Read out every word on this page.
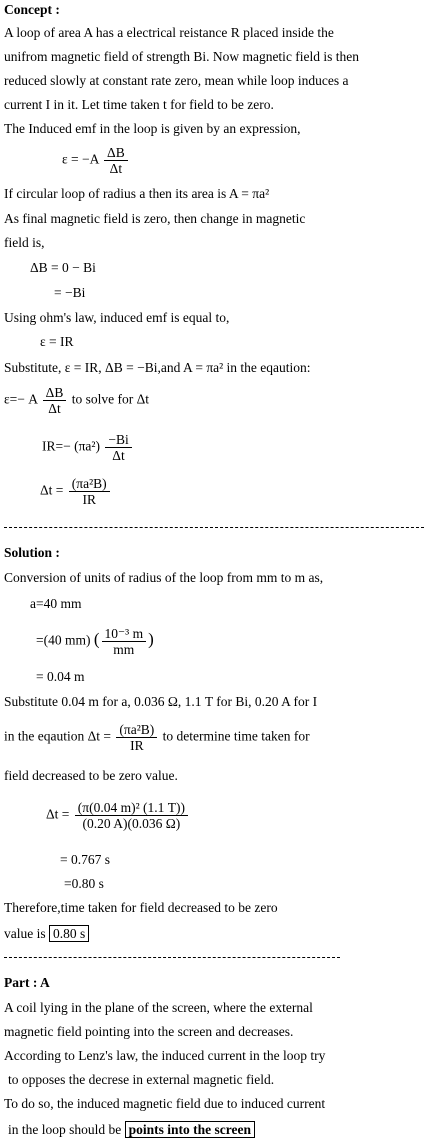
Concept :
A loop of area A has a electrical reistance R placed inside the
unifrom magnetic field of strength Bi. Now magnetic field is then
reduced slowly at constant rate zero, mean while loop induces a
current I in it. Let time taken t for field to be zero.
The Induced emf in the loop is given by an expression,
$\varepsilon = -A \frac{\Delta B}{\Delta t}$
If circular loop of radius a then its area is A = πa²
As final magnetic field is zero, then change in magnetic
field is,
ΔB = 0 − Bi
= −Bi
Using ohm's law, induced emf is equal to,
ε = IR
Substitute, ε = IR, ΔB = −Bi,and A = πa² in the eqaution:
ε=− A $\frac{\Delta B}{\Delta t}$ to solve for Δt
$IR=- (\pi a^2) \frac{-Bi}{\Delta t}$
$\Delta t = \frac{\text{(πa²B)}}{IR}$
Solution :
Conversion of units of radius of the loop from mm to m as,
a=40 mm
=(40 mm) ( $\frac{\text{10⁻³ m}}{mm}$ )
= 0.04 m
Substitute 0.04 m for a, 0.036 Ω, 1.1 T for Bi, 0.20 A for I
in the eqaution $\Delta t = \frac{\text{(πa²B)}}{IR}$ to determine time taken for
field decreased to be zero value.
$\Delta t = \frac{\text{(π(0.04 m)² (1.1 T))}}{(0.20 A)(0.036 \Omega)}$
= 0.767 s
=0.80 s
Therefore,time taken for field decreased to be zero
value is 0.80 s
Part : A
A coil lying in the plane of the screen, where the external
magnetic field pointing into the screen and decreases.
According to Lenz's law, the induced current in the loop try
to opposes the decrese in external magnetic field.
To do so, the induced magnetic field due to induced current
in the loop should be points into the screen
